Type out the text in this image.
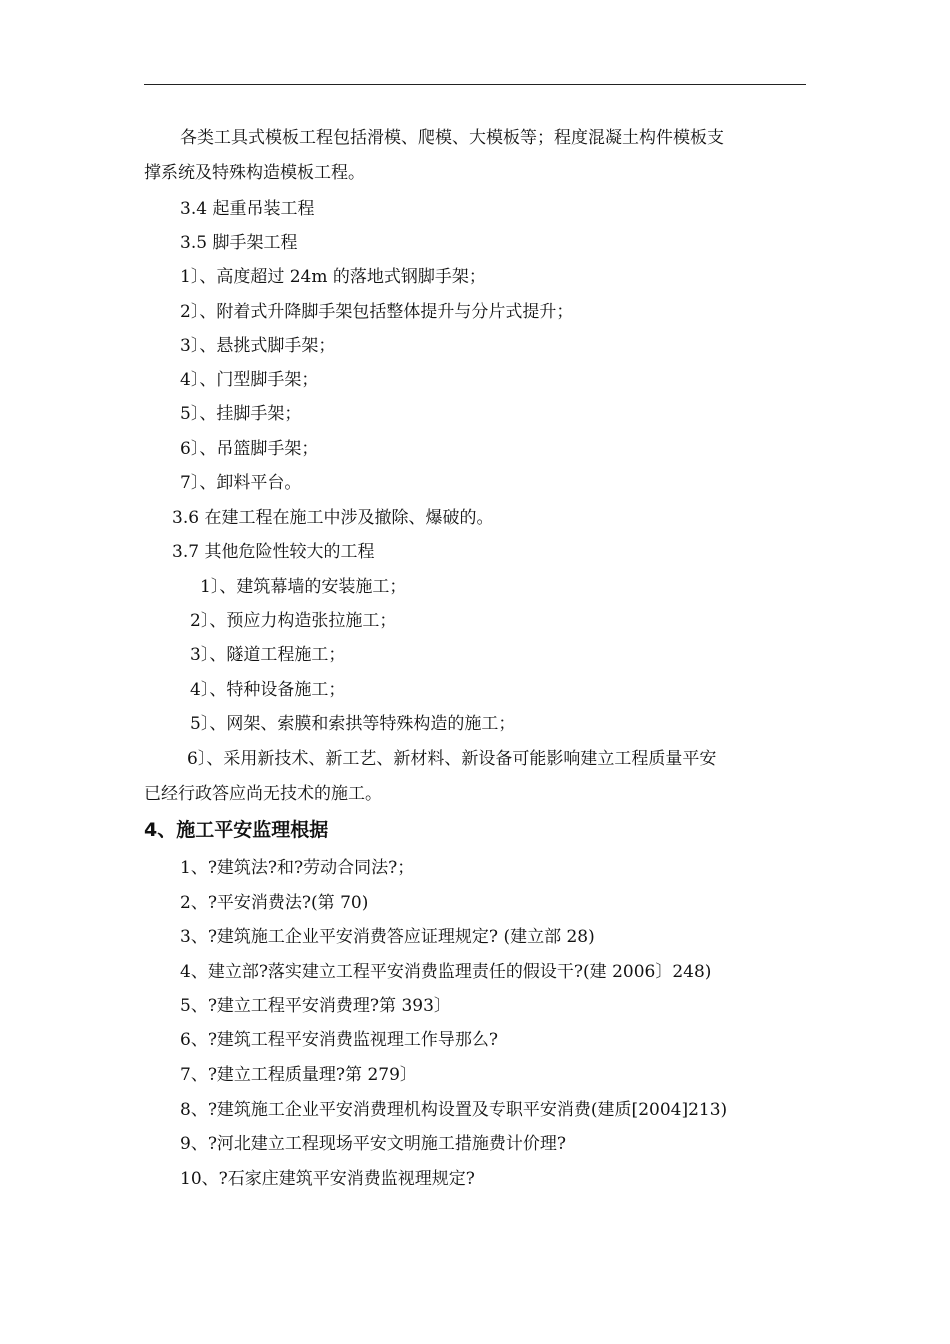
各类工具式模板工程包括滑模、爬模、大模板等；程度混凝土构件模板支
撑系统及特殊构造模板工程。
3.4 起重吊装工程
3.5 脚手架工程
1〕、高度超过 24m 的落地式钢脚手架；
2〕、附着式升降脚手架包括整体提升与分片式提升；
3〕、悬挑式脚手架；
4〕、门型脚手架；
5〕、挂脚手架；
6〕、吊篮脚手架；
7〕、卸料平台。
3.6 在建工程在施工中涉及撤除、爆破的。
3.7 其他危险性较大的工程
1〕、建筑幕墙的安装施工；
2〕、预应力构造张拉施工；
3〕、隧道工程施工；
4〕、特种设备施工；
5〕、网架、索膜和索拱等特殊构造的施工；
6〕、采用新技术、新工艺、新材料、新设备可能影响建立工程质量平安
已经行政答应尚无技术的施工。
4、施工平安监理根据
1、?建筑法?和?劳动合同法?；
2、?平安消费法?(第 70)
3、?建筑施工企业平安消费答应证理规定? (建立部 28)
4、建立部?落实建立工程平安消费监理责任的假设干?(建 2006〕248)
5、?建立工程平安消费理?第 393〕
6、?建筑工程平安消费监视理工作导那么?
7、?建立工程质量理?第 279〕
8、?建筑施工企业平安消费理机构设置及专职平安消费(建质[2004]213)
9、?河北建立工程现场平安文明施工措施费计价理?
10、?石家庄建筑平安消费监视理规定?
